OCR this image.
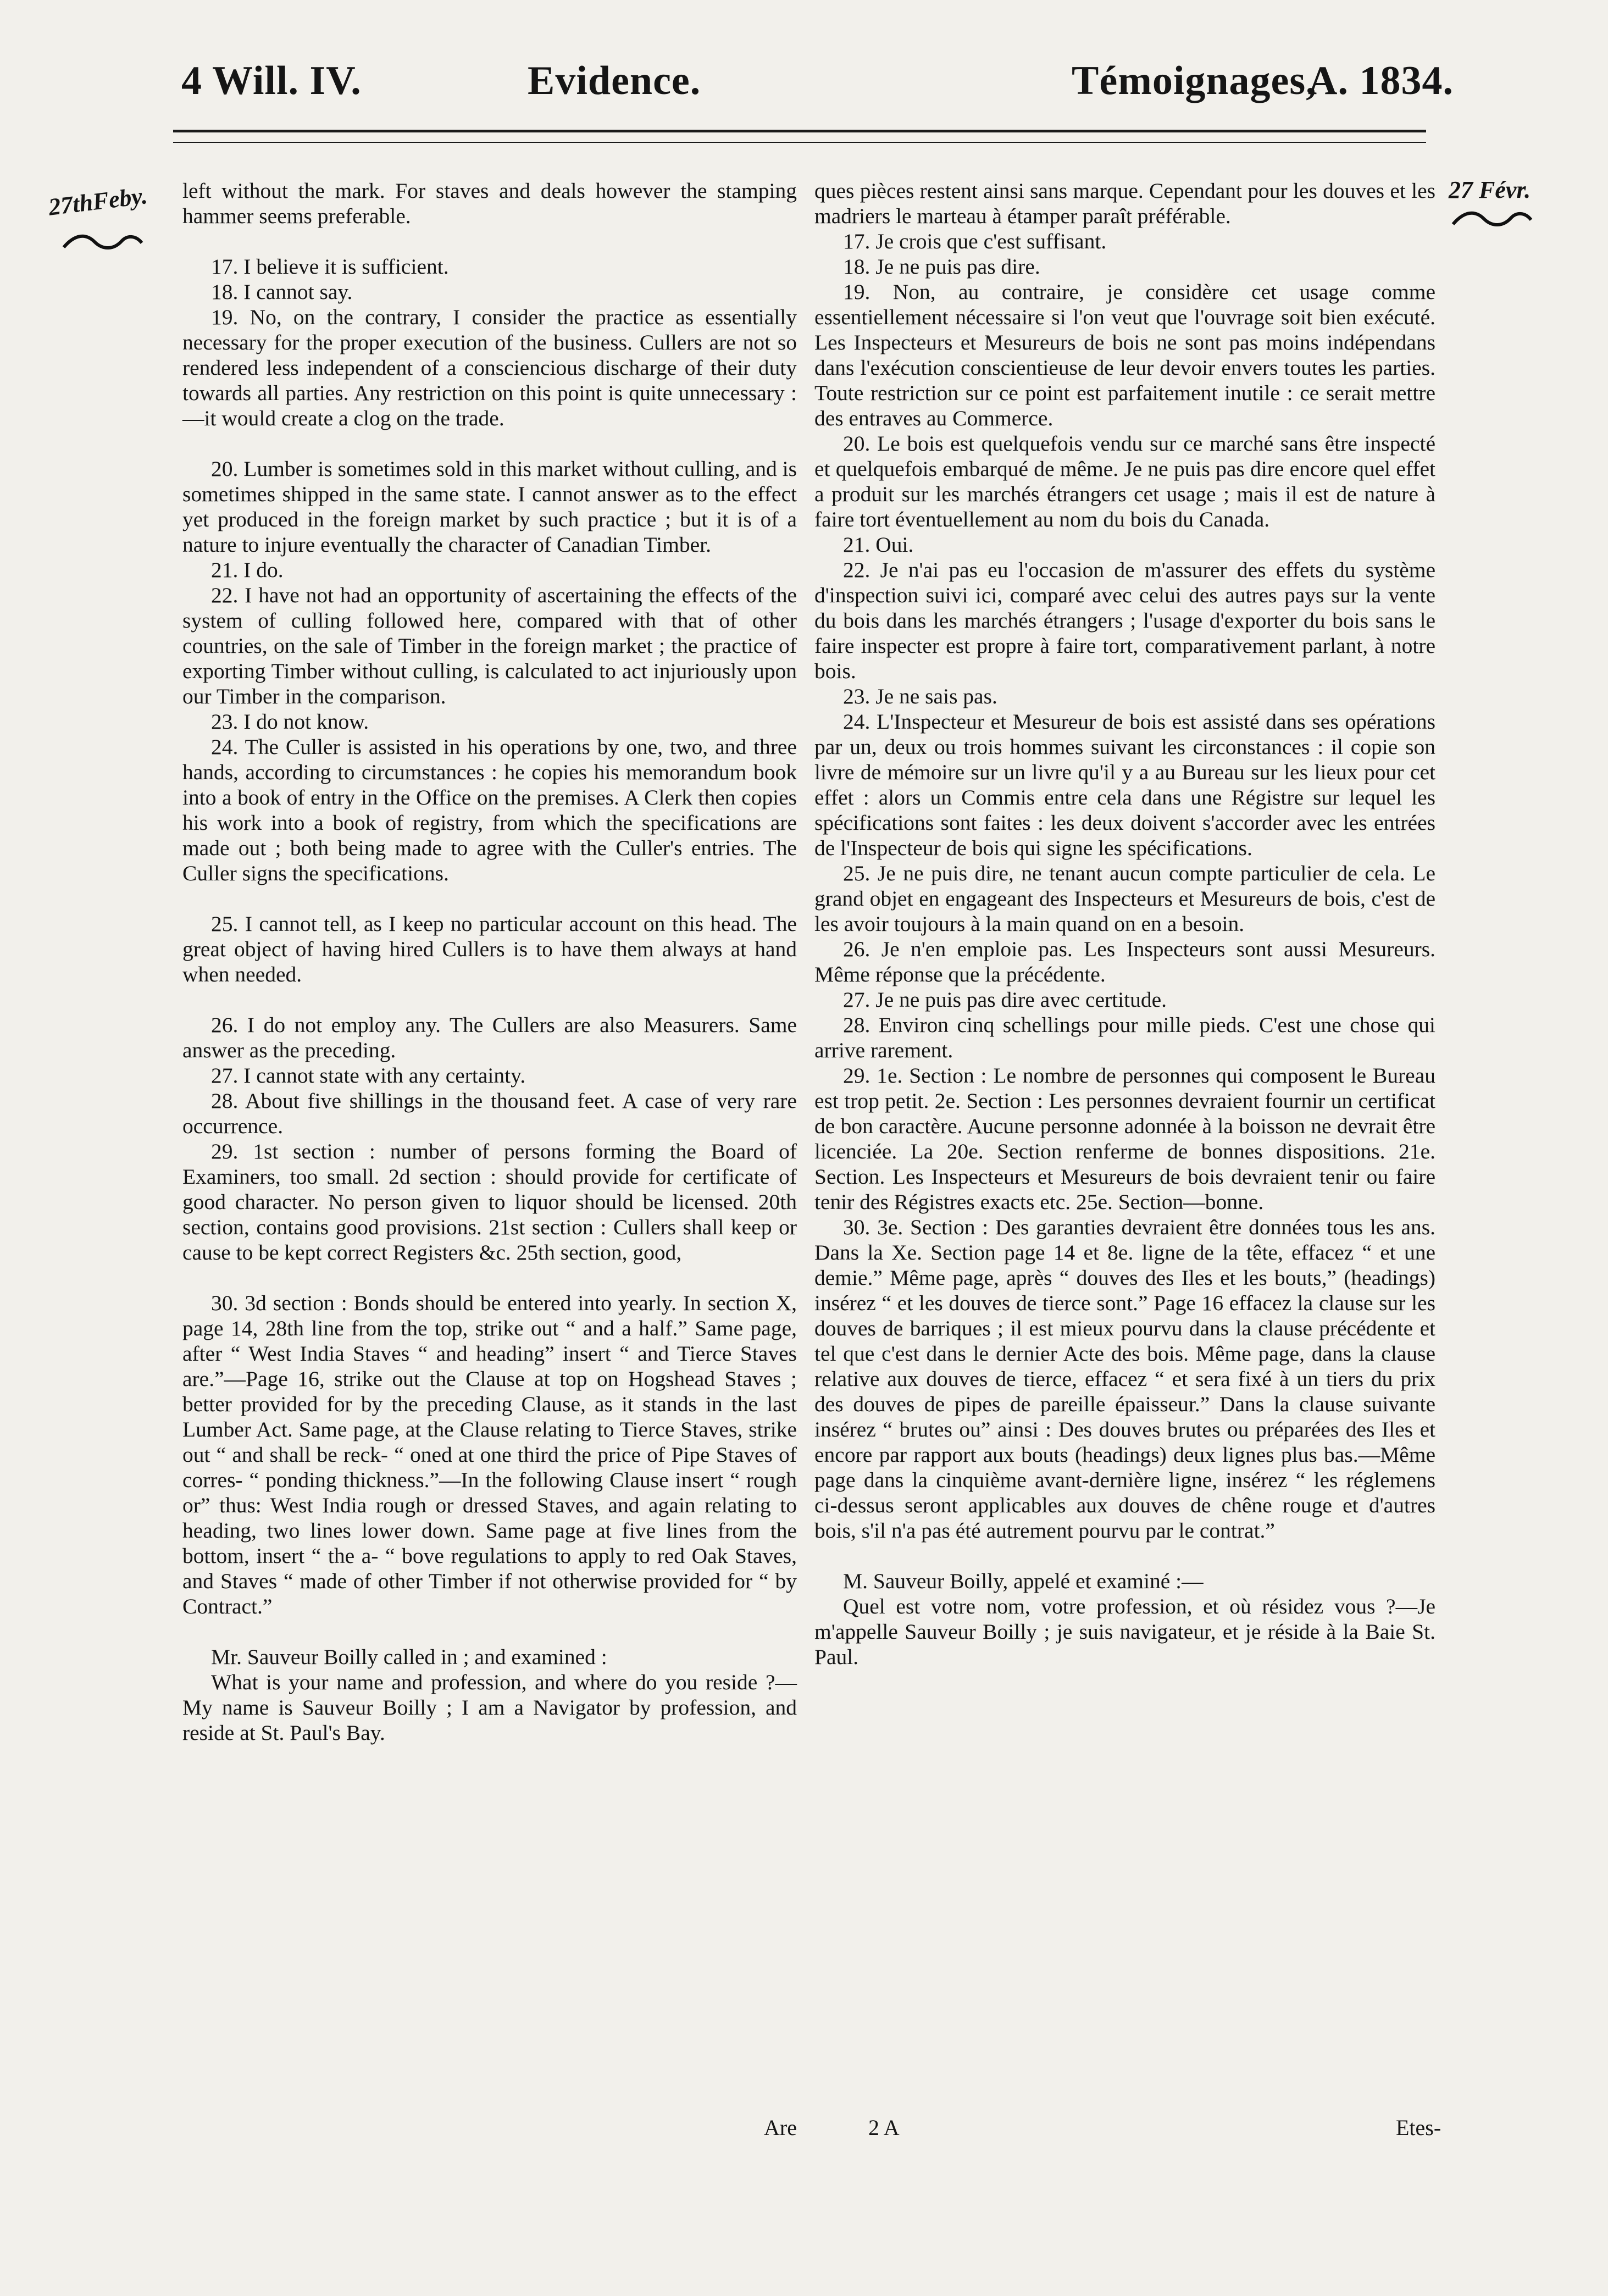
4 Will. IV.	Evidence.	Témoignages,
A. 1834.
27thFeby.	27 Févr.

left without the mark. For staves and deals however the stamping hammer seems preferable.

17. I believe it is sufficient.

18. I cannot say.

19. No, on the contrary, I consider the practice as essentially necessary for the proper execution of the business. Cullers are not so rendered less independent of a consciencious discharge of their duty towards all parties. Any restriction on this point is quite unnecessary :—it would create a clog on the trade.

20. Lumber is sometimes sold in this market without culling, and is sometimes shipped in the same state. I cannot answer as to the effect yet produced in the foreign market by such practice ; but it is of a nature to injure eventually the character of Canadian Timber.

21. I do.

22. I have not had an opportunity of ascertaining the effects of the system of culling followed here, compared with that of other countries, on the sale of Timber in the foreign market ; the practice of exporting Timber without culling, is calculated to act injuriously upon our Timber in the comparison.

23. I do not know.

24. The Culler is assisted in his operations by one, two, and three hands, according to circumstances : he copies his memorandum book into a book of entry in the Office on the premises. A Clerk then copies his work into a book of registry, from which the specifications are made out ; both being made to agree with the Culler's entries. The Culler signs the specifications.

25. I cannot tell, as I keep no particular account on this head. The great object of having hired Cullers is to have them always at hand when needed.

26. I do not employ any. The Cullers are also Measurers. Same answer as the preceding.

27. I cannot state with any certainty.

28. About five shillings in the thousand feet. A case of very rare occurrence.

29. 1st section : number of persons forming the Board of Examiners, too small. 2d section : should provide for certificate of good character. No person given to liquor should be licensed. 20th section, contains good provisions. 21st section : Cullers shall keep or cause to be kept correct Registers &c. 25th section, good,

30. 3d section : Bonds should be entered into yearly. In section X, page 14, 28th line from the top, strike out “ and a half.” Same page, after “ West India Staves “ and heading” insert “ and Tierce Staves are.”—Page 16, strike out the Clause at top on Hogshead Staves ; better provided for by the preceding Clause, as it stands in the last Lumber Act. Same page, at the Clause relating to Tierce Staves, strike out “ and shall be reck- “ oned at one third the price of Pipe Staves of corres- “ ponding thickness.”—In the following Clause insert “ rough or” thus: West India rough or dressed Staves, and again relating to heading, two lines lower down. Same page at five lines from the bottom, insert “ the a- “ bove regulations to apply to red Oak Staves, and Staves “ made of other Timber if not otherwise provided for “ by Contract.”

Mr. Sauveur Boilly called in ; and examined :

What is your name and profession, and where do you reside ?—My name is Sauveur Boilly ; I am a Navigator by profession, and reside at St. Paul's Bay.

ques pièces restent ainsi sans marque. Cependant pour les douves et les madriers le marteau à étamper paraît préférable.

17. Je crois que c'est suffisant.

18. Je ne puis pas dire.

19. Non, au contraire, je considère cet usage comme essentiellement nécessaire si l'on veut que l'ouvrage soit bien exécuté. Les Inspecteurs et Mesureurs de bois ne sont pas moins indépendans dans l'exécution conscientieuse de leur devoir envers toutes les parties. Toute restriction sur ce point est parfaitement inutile : ce serait mettre des entraves au Commerce.

20. Le bois est quelquefois vendu sur ce marché sans être inspecté et quelquefois embarqué de même. Je ne puis pas dire encore quel effet a produit sur les marchés étrangers cet usage ; mais il est de nature à faire tort éventuellement au nom du bois du Canada.

21. Oui.

22. Je n'ai pas eu l'occasion de m'assurer des effets du système d'inspection suivi ici, comparé avec celui des autres pays sur la vente du bois dans les marchés étrangers ; l'usage d'exporter du bois sans le faire inspecter est propre à faire tort, comparativement parlant, à notre bois.

23. Je ne sais pas.

24. L'Inspecteur et Mesureur de bois est assisté dans ses opérations par un, deux ou trois hommes suivant les circonstances : il copie son livre de mémoire sur un livre qu'il y a au Bureau sur les lieux pour cet effet : alors un Commis entre cela dans une Régistre sur lequel les spécifications sont faites : les deux doivent s'accorder avec les entrées de l'Inspecteur de bois qui signe les spécifications.

25. Je ne puis dire, ne tenant aucun compte particulier de cela. Le grand objet en engageant des Inspecteurs et Mesureurs de bois, c'est de les avoir toujours à la main quand on en a besoin.

26. Je n'en emploie pas. Les Inspecteurs sont aussi Mesureurs. Même réponse que la précédente.

27. Je ne puis pas dire avec certitude.

28. Environ cinq schellings pour mille pieds. C'est une chose qui arrive rarement.

29. 1e. Section : Le nombre de personnes qui composent le Bureau est trop petit. 2e. Section : Les personnes devraient fournir un certificat de bon caractère. Aucune personne adonnée à la boisson ne devrait être licenciée. La 20e. Section renferme de bonnes dispositions. 21e. Section. Les Inspecteurs et Mesureurs de bois devraient tenir ou faire tenir des Régistres exacts etc. 25e. Section—bonne.

30. 3e. Section : Des garanties devraient être données tous les ans. Dans la Xe. Section page 14 et 8e. ligne de la tête, effacez “ et une demie.” Même page, après “ douves des Iles et les bouts,” (headings) insérez “ et les douves de tierce sont.” Page 16 effacez la clause sur les douves de barriques ; il est mieux pourvu dans la clause précédente et tel que c'est dans le dernier Acte des bois. Même page, dans la clause relative aux douves de tierce, effacez “ et sera fixé à un tiers du prix des douves de pipes de pareille épaisseur.” Dans la clause suivante insérez “ brutes ou” ainsi : Des douves brutes ou préparées des Iles et encore par rapport aux bouts (headings) deux lignes plus bas.—Même page dans la cinquième avant-dernière ligne, insérez “ les réglemens ci-dessus seront applicables aux douves de chêne rouge et d'autres bois, s'il n'a pas été autrement pourvu par le contrat.”

M. Sauveur Boilly, appelé et examiné :—

Quel est votre nom, votre profession, et où résidez vous ?—Je m'appelle Sauveur Boilly ; je suis navigateur, et je réside à la Baie St. Paul.

Are	2 A	Etes-
